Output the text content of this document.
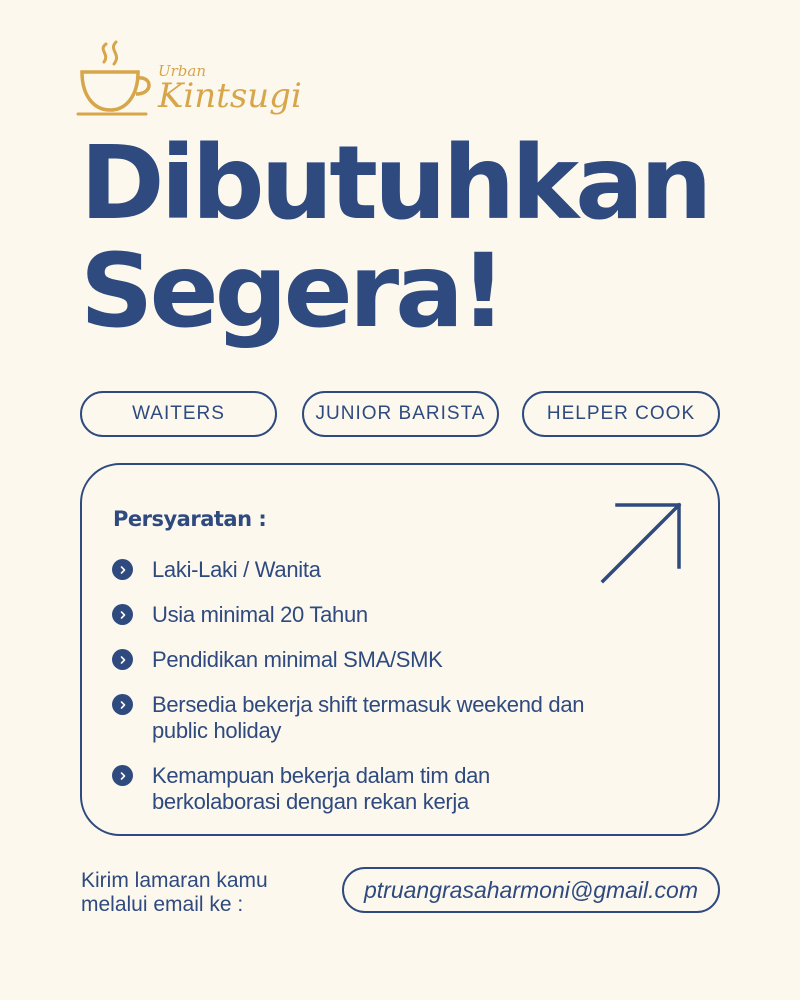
Urban
Kintsugi
Dibutuhkan
Segera!
WAITERS	JUNIOR BARISTA	HELPER COOK
Persyaratan :
Laki-Laki / Wanita
Usia minimal 20 Tahun
Pendidikan minimal SMA/SMK
Bersedia bekerja shift termasuk weekend dan public holiday
Kemampuan bekerja dalam tim dan berkolaborasi dengan rekan kerja
Kirim lamaran kamu melalui email ke :
ptruangrasaharmoni@gmail.com
